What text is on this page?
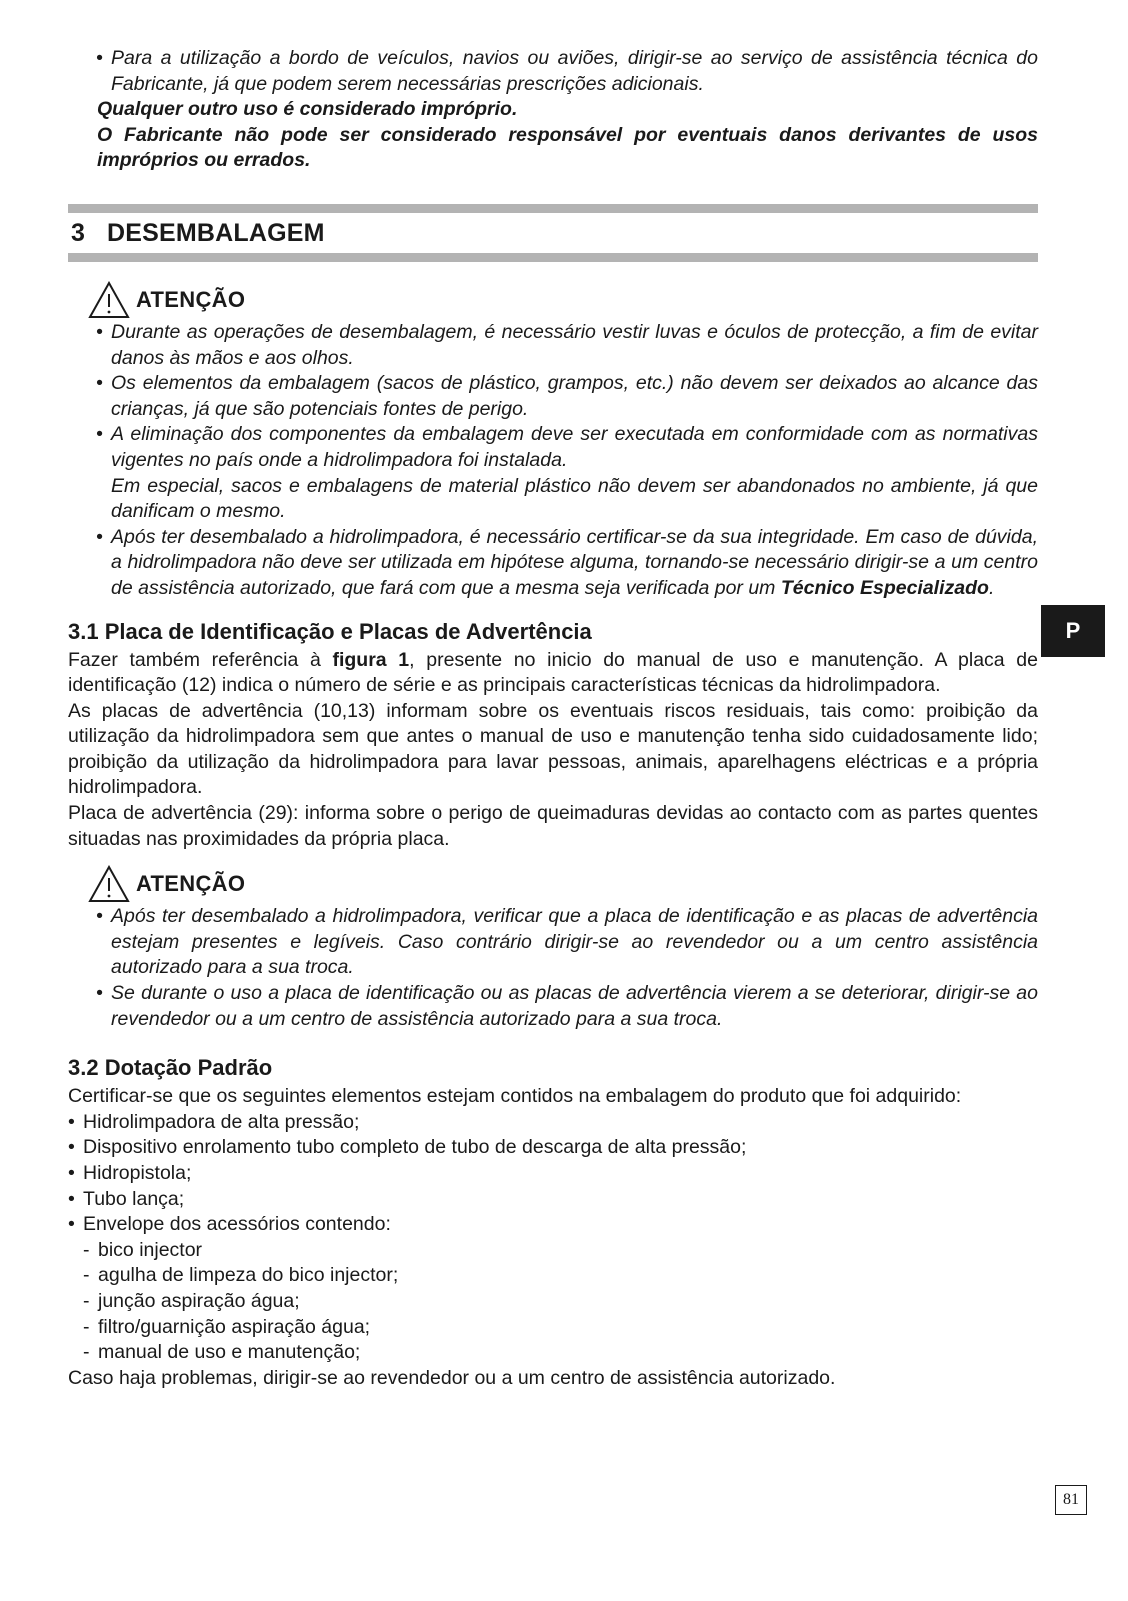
• Para a utilização a bordo de veículos, navios ou aviões, dirigir-se ao serviço de assistência técnica do Fabricante, já que podem serem necessárias prescrições adicionais.
Qualquer outro uso é considerado impróprio.
O Fabricante não pode ser considerado responsável por eventuais danos derivantes de usos impróprios ou errados.
3 DESEMBALAGEM
ATENÇÃO
• Durante as operações de desembalagem, é necessário vestir luvas e óculos de protecção, a fim de evitar danos às mãos e aos olhos.
• Os elementos da embalagem (sacos de plástico, grampos, etc.) não devem ser deixados ao alcance das crianças, já que são potenciais fontes de perigo.
• A eliminação dos componentes da embalagem deve ser executada em conformidade com as normativas vigentes no país onde a hidrolimpadora foi instalada.
Em especial, sacos e embalagens de material plástico não devem ser abandonados no ambiente, já que danificam o mesmo.
• Após ter desembalado a hidrolimpadora, é necessário certificar-se da sua integridade. Em caso de dúvida, a hidrolimpadora não deve ser utilizada em hipótese alguma, tornando-se necessário dirigir-se a um centro de assistência autorizado, que fará com que a mesma seja verificada por um Técnico Especializado.
3.1 Placa de Identificação e Placas de Advertência
Fazer também referência à figura 1, presente no inicio do manual de uso e manutenção. A placa de identificação (12) indica o número de série e as principais características técnicas da hidrolimpadora.
As placas de advertência (10,13) informam sobre os eventuais riscos residuais, tais como: proibição da utilização da hidrolimpadora sem que antes o manual de uso e manutenção tenha sido cuidadosamente lido; proibição da utilização da hidrolimpadora para lavar pessoas, animais, aparelhagens eléctricas e a própria hidrolimpadora.
Placa de advertência (29): informa sobre o perigo de queimaduras devidas ao contacto com as partes quentes situadas nas proximidades da própria placa.
ATENÇÃO
• Após ter desembalado a hidrolimpadora, verificar que a placa de identificação e as placas de advertência estejam presentes e legíveis. Caso contrário dirigir-se ao revendedor ou a um centro assistência autorizado para a sua troca.
• Se durante o uso a placa de identificação ou as placas de advertência vierem a se deteriorar, dirigir-se ao revendedor ou a um centro de assistência autorizado para a sua troca.
3.2 Dotação Padrão
Certificar-se que os seguintes elementos estejam contidos na embalagem do produto que foi adquirido:
• Hidrolimpadora de alta pressão;
• Dispositivo enrolamento tubo completo de tubo de descarga de alta pressão;
• Hidropistola;
• Tubo lança;
• Envelope dos acessórios contendo:
- bico injector
- agulha de limpeza do bico injector;
- junção aspiração água;
- filtro/guarnição aspiração água;
- manual de uso e manutenção;
Caso haja problemas, dirigir-se ao revendedor ou a um centro de assistência autorizado.
P
81
